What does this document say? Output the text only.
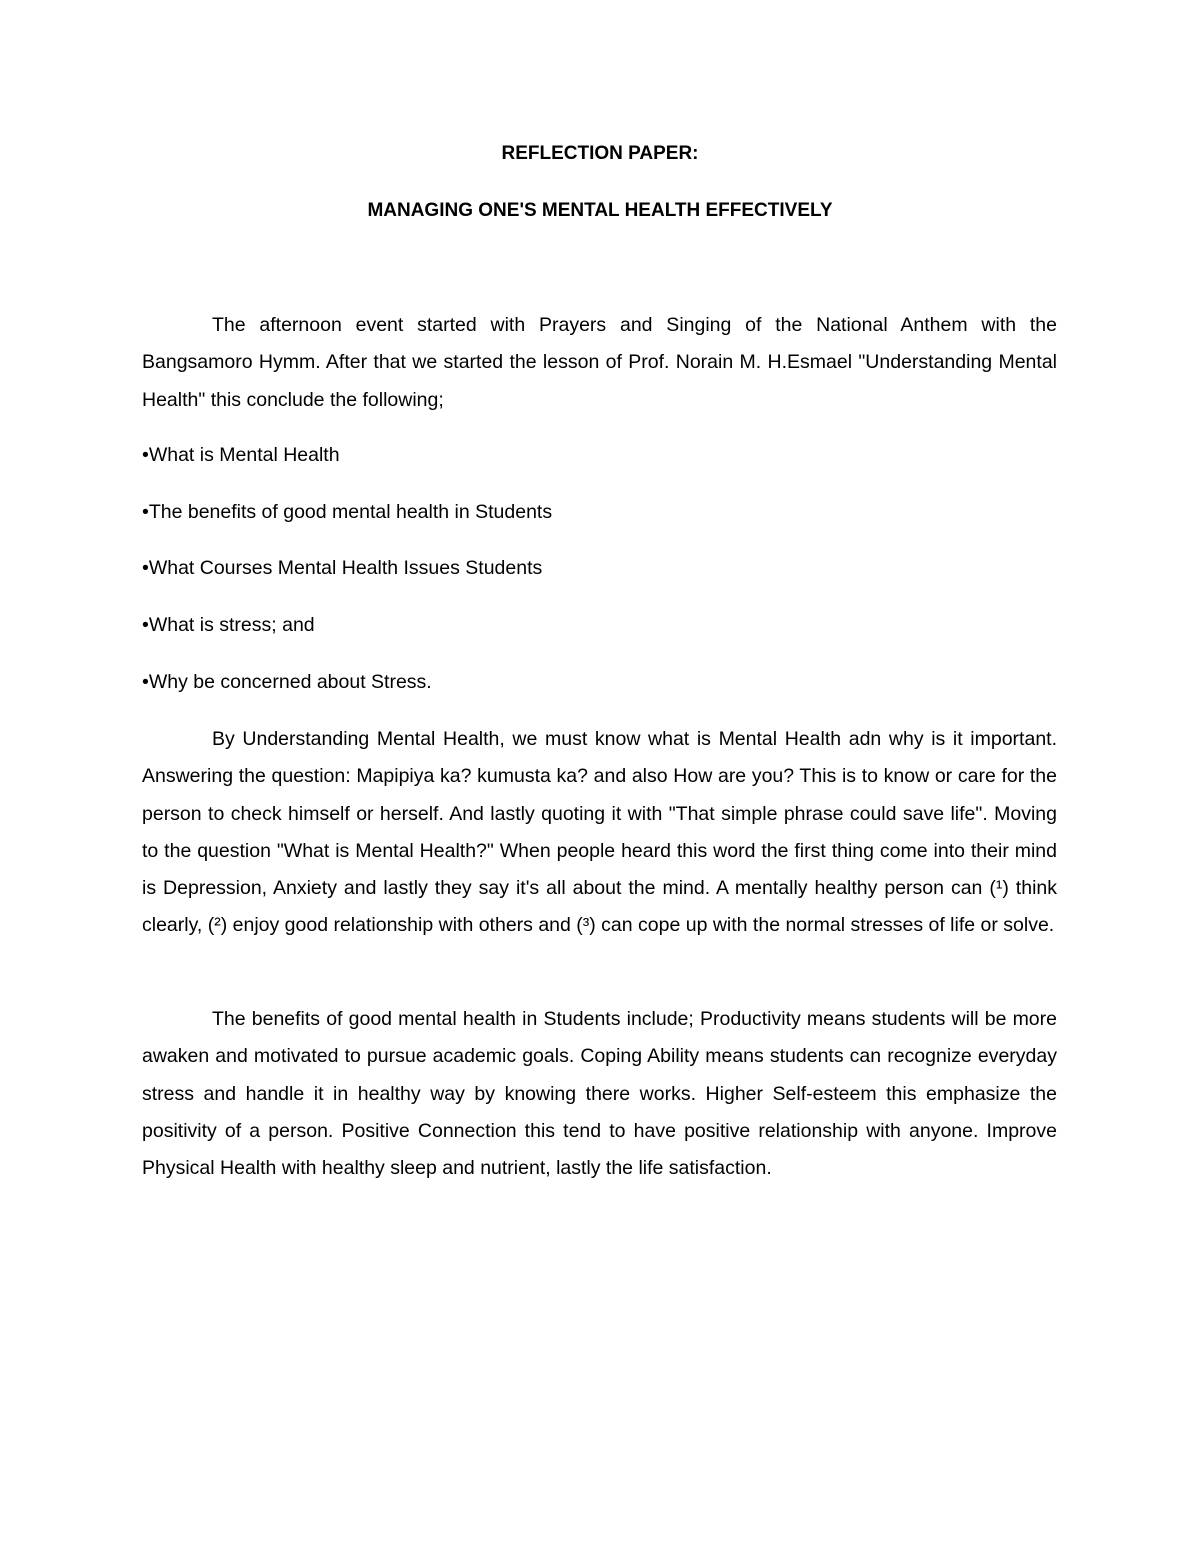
REFLECTION PAPER:
MANAGING ONE'S MENTAL HEALTH EFFECTIVELY

The afternoon event started with Prayers and Singing of the National Anthem with the Bangsamoro Hymm. After that we started the lesson of Prof. Norain M. H.Esmael "Understanding Mental Health" this conclude the following;

•What is Mental Health

•The benefits of good mental health in Students

•What Courses Mental Health Issues Students

•What is stress; and

•Why be concerned about Stress.

By Understanding Mental Health, we must know what is Mental Health adn why is it important. Answering the question: Mapipiya ka? kumusta ka? and also How are you? This is to know or care for the person to check himself or herself. And lastly quoting it with "That simple phrase could save life". Moving to the question "What is Mental Health?" When people heard this word the first thing come into their mind is Depression, Anxiety and lastly they say it's all about the mind. A mentally healthy person can (¹) think clearly, (²) enjoy good relationship with others and (³) can cope up with the normal stresses of life or solve.

The benefits of good mental health in Students include; Productivity means students will be more awaken and motivated to pursue academic goals. Coping Ability means students can recognize everyday stress and handle it in healthy way by knowing there works. Higher Self-esteem this emphasize the positivity of a person. Positive Connection this tend to have positive relationship with anyone. Improve Physical Health with healthy sleep and nutrient, lastly the life satisfaction.
